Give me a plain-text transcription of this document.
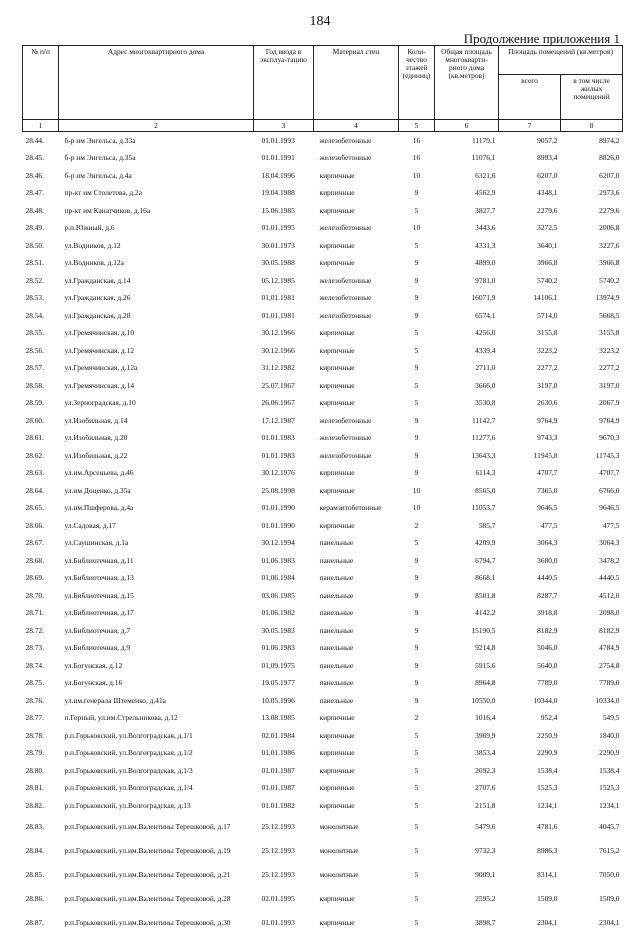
184
Продолжение приложения 1
№ п/п	Адрес многоквартирного дома	Год ввода в эксплуа-тацию	Материал стен	Коли-чество этажей (единиц)	Общая площадь многокварти-рного дома (кв.метров)	Площадь помещений (кв.метров)	
						всего	в том числе жилых помещений
1	2	3	4	5	6	7	8
28.44.	б-р им Энгельса, д.33а	01.01.1993	железобетонные	16	11179,1	9057,2	8974,2
28.45.	б-р им Энгельса, д.35а	01.01.1991	железобетонные	16	11076,1	8993,4	8826,0
28.46.	б-р им Энгельса, д.4а	18.04.1996	кирпичные	10	6321,6	6207,0	6207,0
28.47.	пр-кт им Столетова, д.2а	19.04.1988	кирпичные	9	4562,9	4348,1	2973,6
28.48.	пр-кт им Канатчиков, д.16а	15.06.1985	кирпичные	5	3827,7	2279,6	2279,6
28.49.	р.п.Южный, д.6	01.01.1995	железобетонные	10	3443,6	3272,5	2006,8
28.50.	ул.Водников, д.12	30.01.1973	кирпичные	5	4331,3	3640,1	3227,6
28.51.	ул.Водников, д.12а	30.05.1988	кирпичные	9	4899,0	3966,8	3966,8
28.52.	ул.Гражданская, д.14	05.12.1985	железобетонные	9	9781,0	5740,2	5740,2
28.53.	ул.Гражданская, д.26	01.01.1981	железобетонные	9	16071,9	14106,1	13974,9
28.54.	ул.Гражданская, д.28	01.01.1981	железобетонные	9	6574,1	5714,0	5668,5
28.55.	ул.Гремячинская, д.10	30.12.1966	кирпичные	5	4256,0	3155,8	3155,8
28.56.	ул.Гремячинская, д.12	30.12.1966	кирпичные	5	4339,4	3223,2	3223,2
28.57.	ул.Гремячинская, д.12а	31.12.1982	кирпичные	9	2711,0	2277,2	2277,2
28.58.	ул.Гремячинская, д.14	25.07.1967	кирпичные	5	3666,0	3197,0	3197,0
28.59.	ул.Зерноградская, д.10	26.06.1967	кирпичные	5	3530,8	2630,6	2067,9
28.60.	ул.Изобильная, д.14	17.12.1987	железобетонные	9	11142,7	9764,9	9764,9
28.61.	ул.Изобильная, д.20	01.01.1983	железобетонные	9	11277,6	9743,3	9670,3
28.62.	ул.Изобильная, д.22	01.01.1983	железобетонные	9	13643,3	11945,8	11745,3
28.63.	ул.им.Арсеньева, д.46	30.12.1976	кирпичные	9	6114,3	4707,7	4707,7
28.64.	ул.им Доценко, д.35а	25.08.1998	кирпичные	10	8565,0	7365,0	6766,0
28.65.	ул.им.Пшферова, д.4а	01.01.1990	керамзитобетонные	10	11053,7	9646,5	9646,5
28.66.	ул.Садовая, д.17	01.01.1990	кирпичные	2	585,7	477,5	477,5
28.67.	ул.Саушинская, д.1а	30.12.1994	панельные	5	4209,9	3064,3	3064,3
28.68.	ул.Библиотечная, д.11	01.06.1983	панельные	9	6794,7	3680,0	3478,2
28.69.	ул.Библиотечная, д.13	01.06.1984	панельные	9	8668,1	4440,5	4440,5
28.70.	ул.Библиотечная, д.15	03.06.1985	панельные	9	8501,8	8287,7	4512,0
28.71.	ул.Библиотечная, д.17	01.06.1982	панельные	9	4142,2	3918,8	2098,0
28.72.	ул.Библиотечная, д.7	30.05.1983	панельные	9	15190,5	8182,9	8182,9
28.73.	ул.Библиотечная, д.9	01.06.1983	панельные	9	9214,8	5046,0	4784,9
28.74.	ул.Богунская, д.12	01.09.1975	панельные	9	5915,6	5640,0	2754,8
28.75.	ул.Богунская, д.16	19.05.1977	панельные	9	8964,8	7789,0	7789,0
28.76.	ул.им.генерала Штеменко, д.41а	10.05.1996	панельные	9	10550,0	10344,0	10334,0
28.77.	п.Горный, ул.им.Стрельникова, д.12	13.08.1985	кирпичные	2	1016,4	952,4	549,5
28.78.	р.п.Горьковский, ул.Волгоградская, д.1/1	02.01.1984	кирпичные	5	3969,9	2250,9	1840,0
28.79.	р.п.Горьковский, ул.Волгоградская, д.1/2	01.01.1986	кирпичные	5	3853,4	2290,9	2290,9
28.80.	р.п.Горьковский, ул.Волгоградская, д.1/3	01.01.1987	кирпичные	5	2692,3	1538,4	1538,4
28.81.	р.п.Горьковский, ул.Волгоградская, д.1/4	01.01.1987	кирпичные	5	2707,6	1525,3	1525,3
28.82.	р.п.Горьковский, ул.Волгоградская, д.13	01.01.1982	кирпичные	5	2151,8	1234,1	1234,1
28.83.	р.п.Горьковский, ул.им.Валентины Терешковой, д.17	25.12.1993	монолитные	5	5479,6	4781,6	4045,7
28.84.	р.п.Горьковский, ул.им.Валентины Терешковой, д.19	25.12.1993	монолитные	5	9732,3	8986,3	7615,2
28.85.	р.п.Горьковский, ул.им.Валентины Терешковой, д.21	25.12.1993	монолитные	5	9009,1	8314,1	7050,0
28.86.	р.п.Горьковский, ул.им.Валентины Терешковой, д.28	02.01.1995	кирпичные	5	2595,2	1509,0	1509,0
28.87.	р.п.Горьковский, ул.им.Валентины Терешковой, д.30	01.01.1993	кирпичные	5	3898,7	2304,1	2304,1
